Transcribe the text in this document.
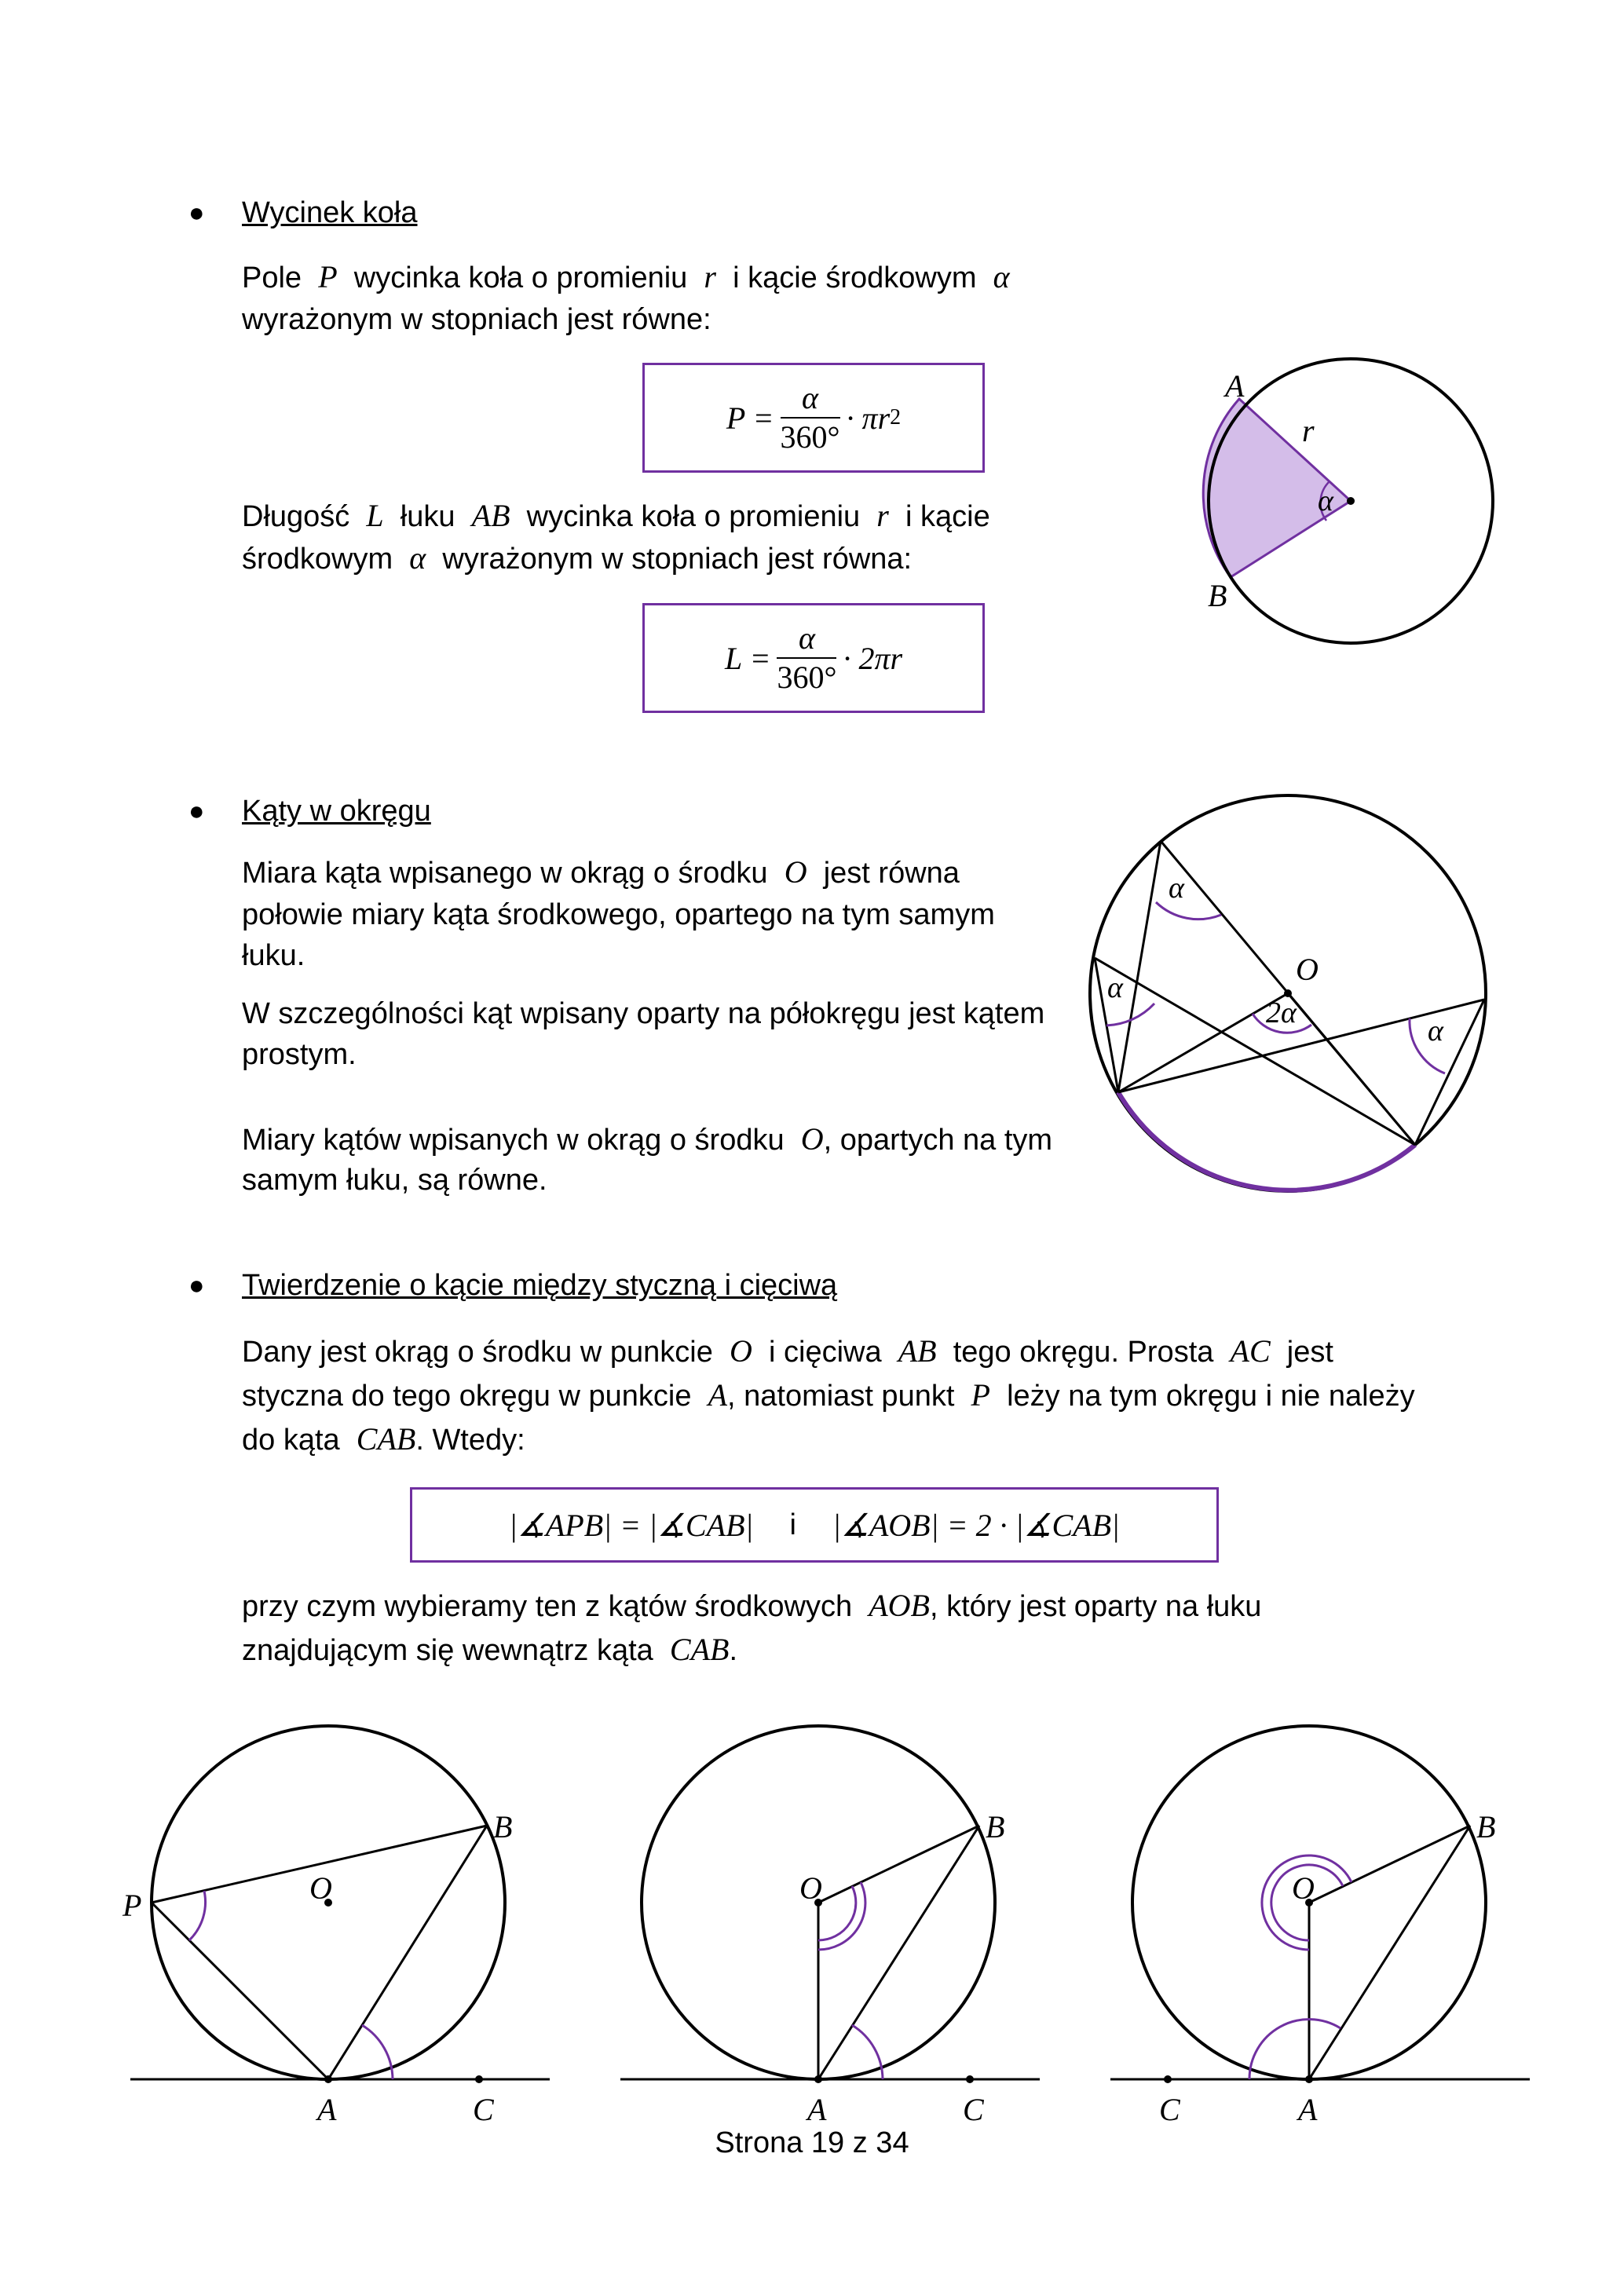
● Wycinek koła
Pole P wycinka koła o promieniu r i kącie środkowym α
wyrażonym w stopniach jest równe:
$P = \frac{\alpha}{360^\circ} \cdot \pi r$ 2
Długość L łuku AB wycinka koła o promieniu r i kącie
środkowym α wyrażonym w stopniach jest równa:
$L = \frac{\alpha}{360^\circ} \cdot 2\pi r$
A
r
α
B
● Kąty w okręgu
Miara kąta wpisanego w okrąg o środku O jest równa
połowie miary kąta środkowego, opartego na tym samym
łuku.
W szczególności kąt wpisany oparty na półokręgu jest kątem
prostym.
Miary kątów wpisanych w okrąg o środku O, opartych na tym
samym łuku, są równe.
α
α
O
2α
α
● Twierdzenie o kącie między styczną i cięciwą
Dany jest okrąg o środku w punkcie O i cięciwa AB tego okręgu. Prosta AC jest
styczna do tego okręgu w punkcie A, natomiast punkt P leży na tym okręgu i nie należy
do kąta CAB. Wtedy:
|∡APB| = |∡CAB| i |∡AOB| = 2 · |∡CAB|
przy czym wybieramy ten z kątów środkowych AOB, który jest oparty na łuku
znajdującym się wewnątrz kąta CAB.
P	O
B
A	C
O
B
A	C
O
B
C	A
Strona 19 z 34
